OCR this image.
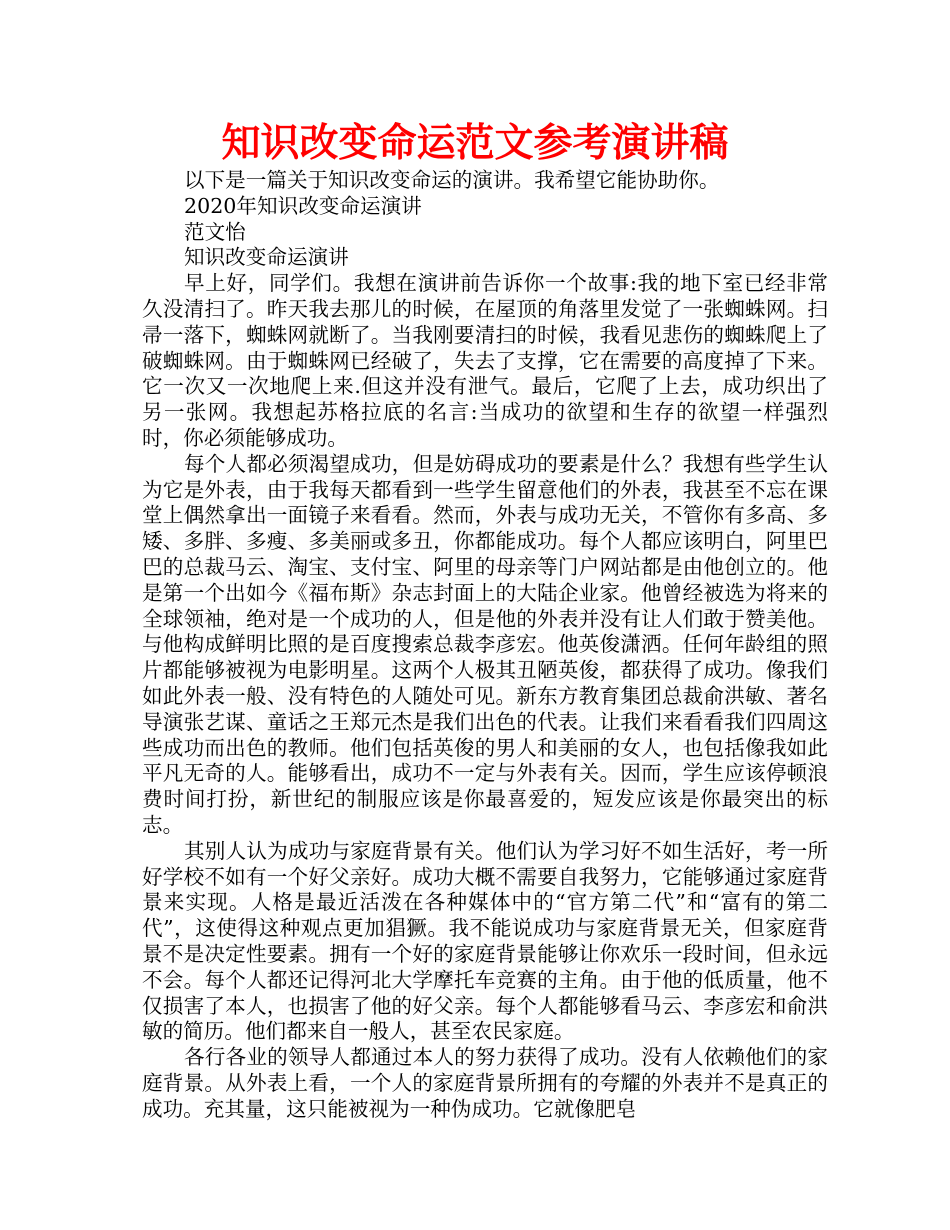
知识改变命运范文参考演讲稿

以下是一篇关于知识改变命运的演讲。我希望它能协助你。

2020年知识改变命运演讲

范文怡

知识改变命运演讲

早上好，同学们。我想在演讲前告诉你一个故事:我的地下室已经非常久没清扫了。昨天我去那儿的时候，在屋顶的角落里发觉了一张蜘蛛网。扫帚一落下，蜘蛛网就断了。当我刚要清扫的时候，我看见悲伤的蜘蛛爬上了破蜘蛛网。由于蜘蛛网已经破了，失去了支撑，它在需要的高度掉了下来。它一次又一次地爬上来.但这并没有泄气。最后，它爬了上去，成功织出了另一张网。我想起苏格拉底的名言:当成功的欲望和生存的欲望一样强烈时，你必须能够成功。

每个人都必须渴望成功，但是妨碍成功的要素是什么？我想有些学生认为它是外表，由于我每天都看到一些学生留意他们的外表，我甚至不忘在课堂上偶然拿出一面镜子来看看。然而，外表与成功无关，不管你有多高、多矮、多胖、多瘦、多美丽或多丑，你都能成功。每个人都应该明白，阿里巴巴的总裁马云、淘宝、支付宝、阿里的母亲等门户网站都是由他创立的。他是第一个出如今《福布斯》杂志封面上的大陆企业家。他曾经被选为将来的全球领袖，绝对是一个成功的人，但是他的外表并没有让人们敢于赞美他。与他构成鲜明比照的是百度搜索总裁李彦宏。他英俊潇洒。任何年龄组的照片都能够被视为电影明星。这两个人极其丑陋英俊，都获得了成功。像我们如此外表一般、没有特色的人随处可见。新东方教育集团总裁俞洪敏、著名导演张艺谋、童话之王郑元杰是我们出色的代表。让我们来看看我们四周这些成功而出色的教师。他们包括英俊的男人和美丽的女人，也包括像我如此平凡无奇的人。能够看出，成功不一定与外表有关。因而，学生应该停顿浪费时间打扮，新世纪的制服应该是你最喜爱的，短发应该是你最突出的标志。

其别人认为成功与家庭背景有关。他们认为学习好不如生活好，考一所好学校不如有一个好父亲好。成功大概不需要自我努力，它能够通过家庭背景来实现。人格是最近活泼在各种媒体中的“官方第二代”和“富有的第二代”，这使得这种观点更加猖獗。我不能说成功与家庭背景无关，但家庭背景不是决定性要素。拥有一个好的家庭背景能够让你欢乐一段时间，但永远不会。每个人都还记得河北大学摩托车竞赛的主角。由于他的低质量，他不仅损害了本人，也损害了他的好父亲。每个人都能够看马云、李彦宏和俞洪敏的简历。他们都来自一般人，甚至农民家庭。

各行各业的领导人都通过本人的努力获得了成功。没有人依赖他们的家庭背景。从外表上看，一个人的家庭背景所拥有的夸耀的外表并不是真正的成功。充其量，这只能被视为一种伪成功。它就像肥皂
